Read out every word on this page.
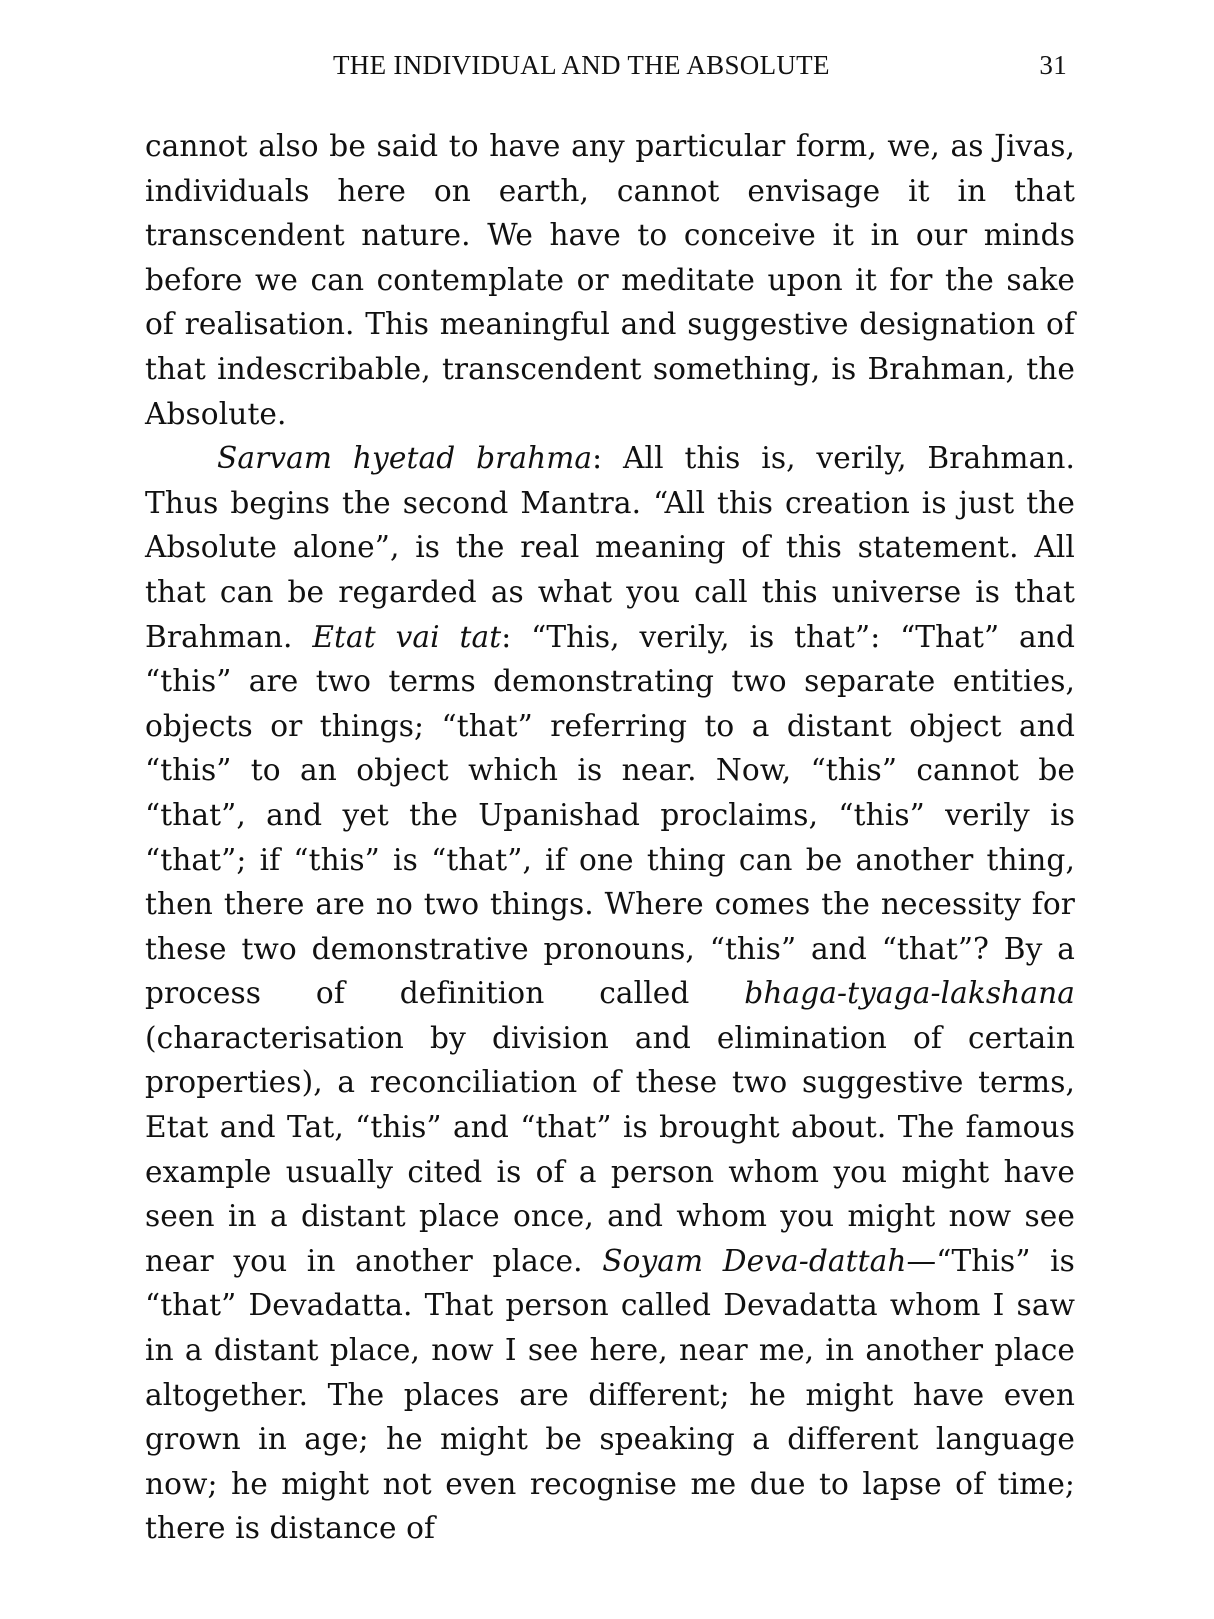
THE INDIVIDUAL AND THE ABSOLUTE	31

cannot also be said to have any particular form, we, as Jivas, individuals here on earth, cannot envisage it in that transcendent nature. We have to conceive it in our minds before we can contemplate or meditate upon it for the sake of realisation. This meaningful and suggestive designation of that indescribable, transcendent something, is Brahman, the Absolute.

Sarvam hyetad brahma: All this is, verily, Brahman. Thus begins the second Mantra. “All this creation is just the Absolute alone”, is the real meaning of this statement. All that can be regarded as what you call this universe is that Brahman. Etat vai tat: “This, verily, is that”: “That” and “this” are two terms demonstrating two separate entities, objects or things; “that” referring to a distant object and “this” to an object which is near. Now, “this” cannot be “that”, and yet the Upanishad proclaims, “this” verily is “that”; if “this” is “that”, if one thing can be another thing, then there are no two things. Where comes the necessity for these two demonstrative pronouns, “this” and “that”? By a process of definition called bhaga-tyaga-lakshana (characterisation by division and elimination of certain properties), a reconciliation of these two suggestive terms, Etat and Tat, “this” and “that” is brought about. The famous example usually cited is of a person whom you might have seen in a distant place once, and whom you might now see near you in another place. Soyam Deva-dattah—“This” is “that” Devadatta. That person called Devadatta whom I saw in a distant place, now I see here, near me, in another place altogether. The places are different; he might have even grown in age; he might be speaking a different language now; he might not even recognise me due to lapse of time; there is distance of
